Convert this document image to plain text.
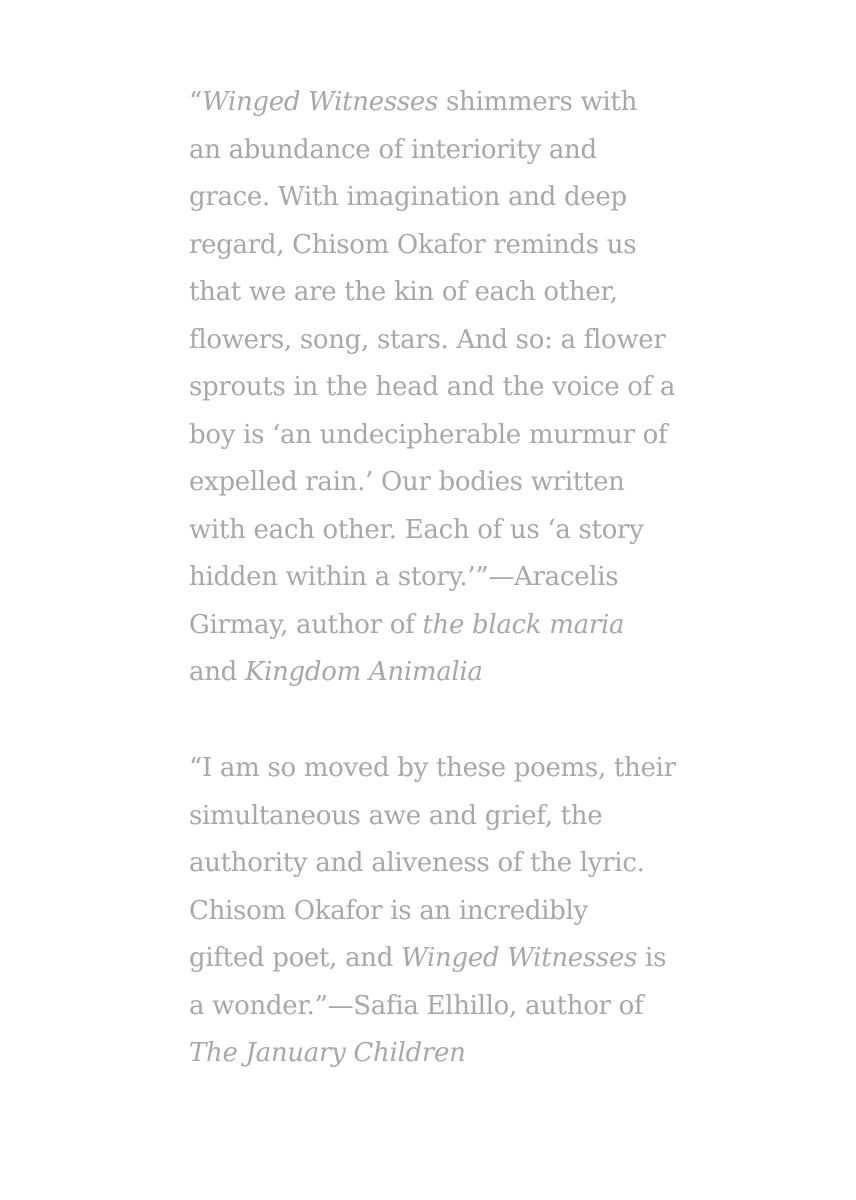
“Winged Witnesses shimmers with
an abundance of interiority and
grace. With imagination and deep
regard, Chisom Okafor reminds us
that we are the kin of each other,
flowers, song, stars. And so: a flower
sprouts in the head and the voice of a
boy is ‘an undecipherable murmur of
expelled rain.’ Our bodies written
with each other. Each of us ‘a story
hidden within a story.’”—Aracelis
Girmay, author of the black maria
and Kingdom Animalia

“I am so moved by these poems, their
simultaneous awe and grief, the
authority and aliveness of the lyric.
Chisom Okafor is an incredibly
gifted poet, and Winged Witnesses is
a wonder.”—Safia Elhillo, author of
The January Children
